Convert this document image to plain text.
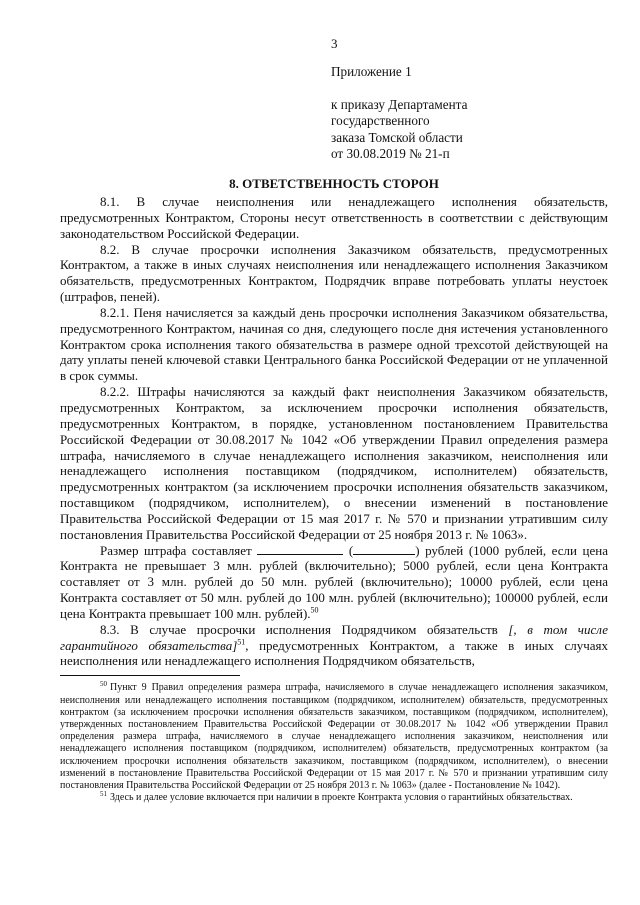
3
Приложение 1
к приказу Департамента
государственного
заказа Томской области
от 30.08.2019 № 21-п
8. ОТВЕТСТВЕННОСТЬ СТОРОН

8.1. В случае неисполнения или ненадлежащего исполнения обязательств, предусмотренных Контрактом, Стороны несут ответственность в соответствии с действующим законодательством Российской Федерации.

8.2. В случае просрочки исполнения Заказчиком обязательств, предусмотренных Контрактом, а также в иных случаях неисполнения или ненадлежащего исполнения Заказчиком обязательств, предусмотренных Контрактом, Подрядчик вправе потребовать уплаты неустоек (штрафов, пеней).

8.2.1. Пеня начисляется за каждый день просрочки исполнения Заказчиком обязательства, предусмотренного Контрактом, начиная со дня, следующего после дня истечения установленного Контрактом срока исполнения такого обязательства в размере одной трехсотой действующей на дату уплаты пеней ключевой ставки Центрального банка Российской Федерации от не уплаченной в срок суммы.

8.2.2. Штрафы начисляются за каждый факт неисполнения Заказчиком обязательств, предусмотренных Контрактом, за исключением просрочки исполнения обязательств, предусмотренных Контрактом, в порядке, установленном постановлением Правительства Российской Федерации от 30.08.2017 № 1042 «Об утверждении Правил определения размера штрафа, начисляемого в случае ненадлежащего исполнения заказчиком, неисполнения или ненадлежащего исполнения поставщиком (подрядчиком, исполнителем) обязательств, предусмотренных контрактом (за исключением просрочки исполнения обязательств заказчиком, поставщиком (подрядчиком, исполнителем), о внесении изменений в постановление Правительства Российской Федерации от 15 мая 2017 г. № 570 и признании утратившим силу постановления Правительства Российской Федерации от 25 ноября 2013 г. № 1063».

Размер штрафа составляет	(	) рублей (1000 рублей, если цена Контракта не превышает 3 млн. рублей (включительно); 5000 рублей, если цена Контракта составляет от 3 млн. рублей до 50 млн. рублей (включительно); 10000 рублей, если цена Контракта составляет от 50 млн. рублей до 100 млн. рублей (включительно); 100000 рублей, если цена Контракта превышает 100 млн. рублей).$^{50}$

8.3. В случае просрочки исполнения Подрядчиком обязательств [, в том числе гарантийного обязательства]$^{51}$, предусмотренных Контрактом, а также в иных случаях неисполнения или ненадлежащего исполнения Подрядчиком обязательств,

$^{50}$ Пункт 9 Правил определения размера штрафа, начисляемого в случае ненадлежащего исполнения заказчиком, неисполнения или ненадлежащего исполнения поставщиком (подрядчиком, исполнителем) обязательств, предусмотренных контрактом (за исключением просрочки исполнения обязательств заказчиком, поставщиком (подрядчиком, исполнителем), утвержденных постановлением Правительства Российской Федерации от 30.08.2017 № 1042 «Об утверждении Правил определения размера штрафа, начисляемого в случае ненадлежащего исполнения заказчиком, неисполнения или ненадлежащего исполнения поставщиком (подрядчиком, исполнителем) обязательств, предусмотренных контрактом (за исключением просрочки исполнения обязательств заказчиком, поставщиком (подрядчиком, исполнителем), о внесении изменений в постановление Правительства Российской Федерации от 15 мая 2017 г. № 570 и признании утратившим силу постановления Правительства Российской Федерации от 25 ноября 2013 г. № 1063» (далее - Постановление № 1042).

$^{51}$ Здесь и далее условие включается при наличии в проекте Контракта условия о гарантийных обязательствах.
